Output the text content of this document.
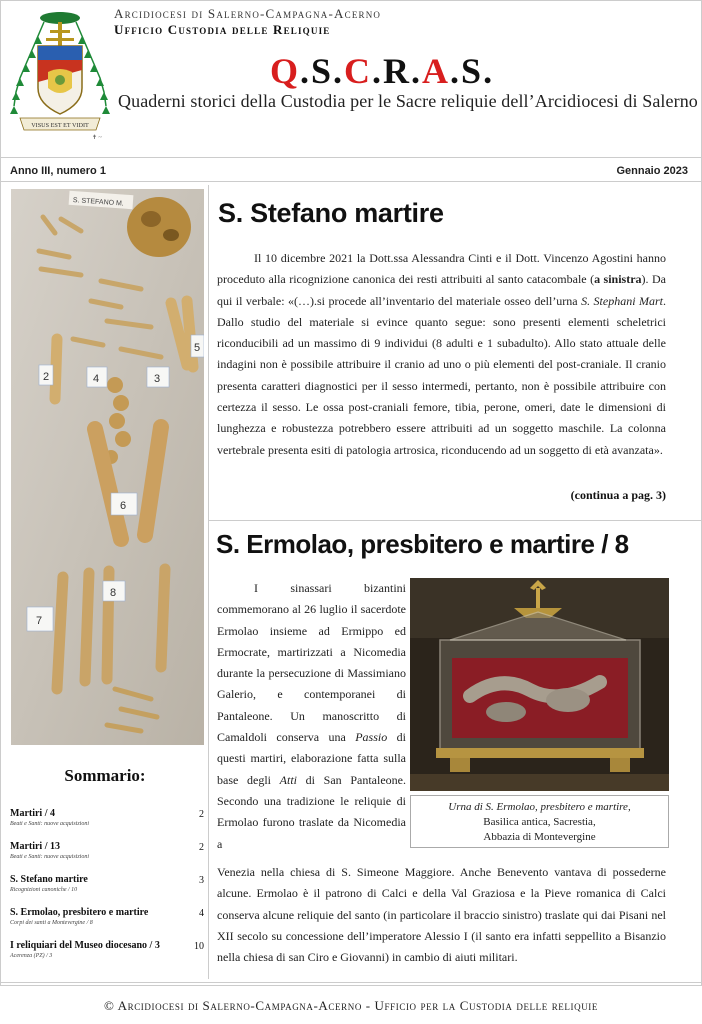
VISUS EST ET VIDIT
✝ ~
Arcidiocesi di Salerno-Campagna-Acerno
Ufficio Custodia delle Reliquie
Q.S.C.R.A.S.
Quaderni storici della Custodia per le Sacre reliquie dell’Arcidiocesi di Salerno
Anno III, numero 1	Gennaio 2023
S. STEFANO M.
2	4	3
5
6
7
8
Sommario:
Martiri / 4
Beati e Santi: nuove acquisizioni
2
Martiri / 13
Beati e Santi: nuove acquisizioni
2
S. Stefano martire
Ricognizioni canoniche / 10
3
S. Ermolao, presbitero e martire
Corpi dei santi a Montevergine / 8
4
I reliquiari del Museo diocesano / 3
Acerenza (PZ) / 3
10
S. Stefano martire

Il 10 dicembre 2021 la Dott.ssa Alessandra Cinti e il Dott. Vincenzo Agostini hanno proceduto alla ricognizione canonica dei resti attribuiti al santo catacombale (a sinistra). Da qui il verbale: «(…).si procede all’inventario del materiale osseo dell’urna S. Stephani Mart. Dallo studio del materiale si evince quanto segue: sono presenti elementi scheletrici riconducibili ad un massimo di 9 individui (8 adulti e 1 subadulto). Allo stato attuale delle indagini non è possibile attribuire il cranio ad uno o più elementi del post-craniale. Il cranio presenta caratteri diagnostici per il sesso intermedi, pertanto, non è possibile attribuire con certezza il sesso. Le ossa post-craniali femore, tibia, perone, omeri, date le dimensioni di lunghezza e robustezza potrebbero essere attribuiti ad un soggetto maschile. La colonna vertebrale presenta esiti di patologia artrosica, riconducendo ad un soggetto di età avanzata».

(continua a pag. 3)
S. Ermolao, presbitero e martire / 8

I sinassari bizantini commemorano al 26 luglio il sacerdote Ermolao insieme ad Ermippo ed Ermocrate, martirizzati a Nicomedia durante la persecuzione di Massimiano Galerio, e contemporanei di Pantaleone. Un manoscritto di Camaldoli conserva una Passio di questi martiri, elaborazione fatta sulla base degli Atti di San Pantaleone. Secondo una tradizione le reliquie di Ermolao furono traslate da Nicomedia a

Urna di S. Ermolao, presbitero e martire,
Basilica antica, Sacrestia,
Abbazia di Montevergine

Venezia nella chiesa di S. Simeone Maggiore. Anche Benevento vantava di possederne alcune. Ermolao è il patrono di Calci e della Val Graziosa e la Pieve romanica di Calci conserva alcune reliquie del santo (in particolare il braccio sinistro) traslate qui dai Pisani nel XII secolo su concessione dell’imperatore Alessio I (il santo era infatti seppellito a Bisanzio nella chiesa di san Ciro e Giovanni) in cambio di aiuti militari.

© Arcidiocesi di Salerno-Campagna-Acerno - Ufficio per la Custodia delle reliquie
